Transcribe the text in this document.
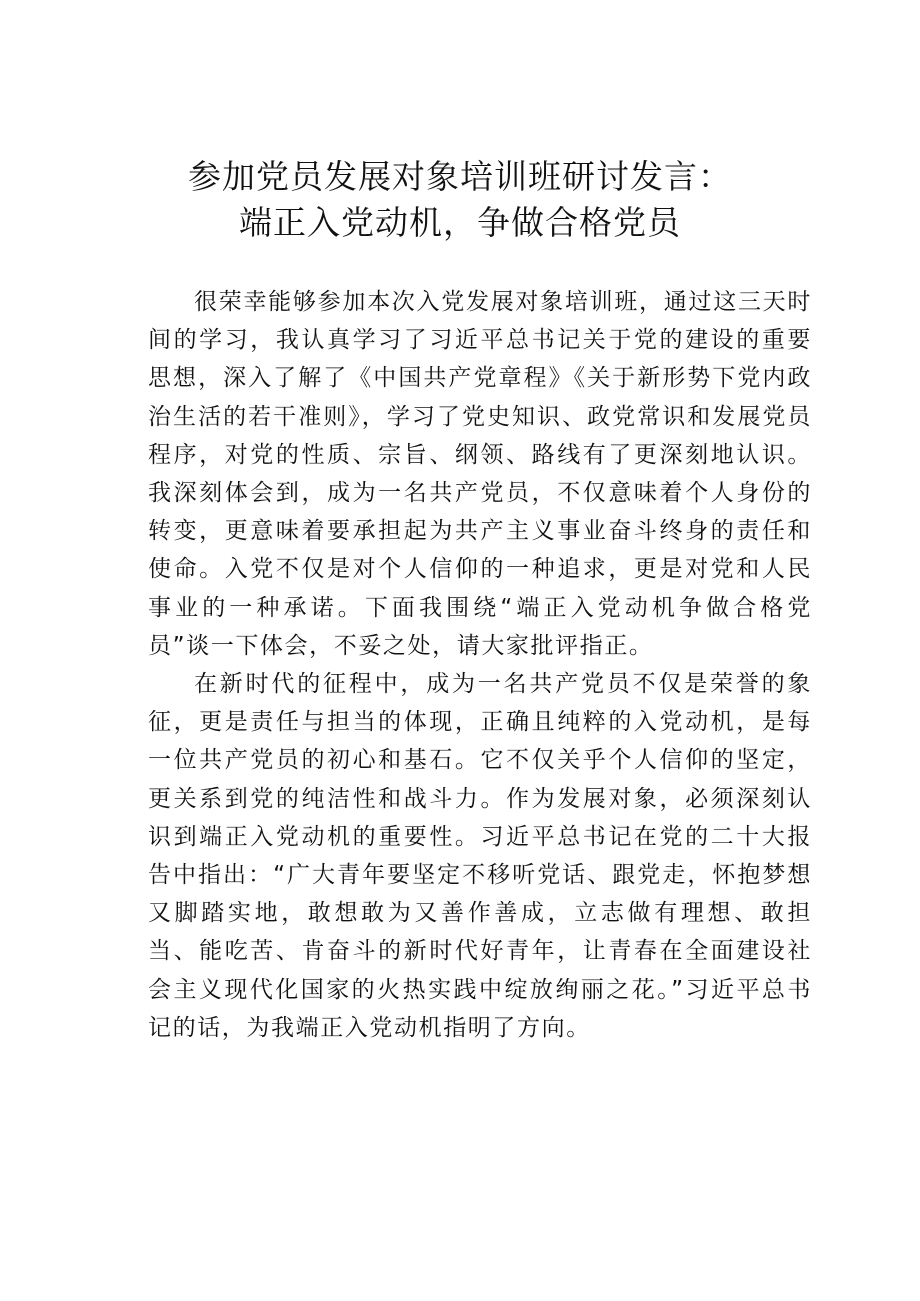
参加党员发展对象培训班研讨发言：
端正入党动机，争做合格党员

很荣幸能够参加本次入党发展对象培训班，通过这三天时间的学习，我认真学习了习近平总书记关于党的建设的重要思想，深入了解了《中国共产党章程》《关于新形势下党内政治生活的若干准则》，学习了党史知识、政党常识和发展党员程序，对党的性质、宗旨、纲领、路线有了更深刻地认识。我深刻体会到，成为一名共产党员，不仅意味着个人身份的转变，更意味着要承担起为共产主义事业奋斗终身的责任和使命。入党不仅是对个人信仰的一种追求，更是对党和人民事业的一种承诺。下面我围绕“端正入党动机争做合格党员”谈一下体会，不妥之处，请大家批评指正。

在新时代的征程中，成为一名共产党员不仅是荣誉的象征，更是责任与担当的体现，正确且纯粹的入党动机，是每一位共产党员的初心和基石。它不仅关乎个人信仰的坚定，更关系到党的纯洁性和战斗力。作为发展对象，必须深刻认识到端正入党动机的重要性。习近平总书记在党的二十大报告中指出：“广大青年要坚定不移听党话、跟党走，怀抱梦想又脚踏实地，敢想敢为又善作善成，立志做有理想、敢担当、能吃苦、肯奋斗的新时代好青年，让青春在全面建设社会主义现代化国家的火热实践中绽放绚丽之花。”习近平总书记的话，为我端正入党动机指明了方向。
